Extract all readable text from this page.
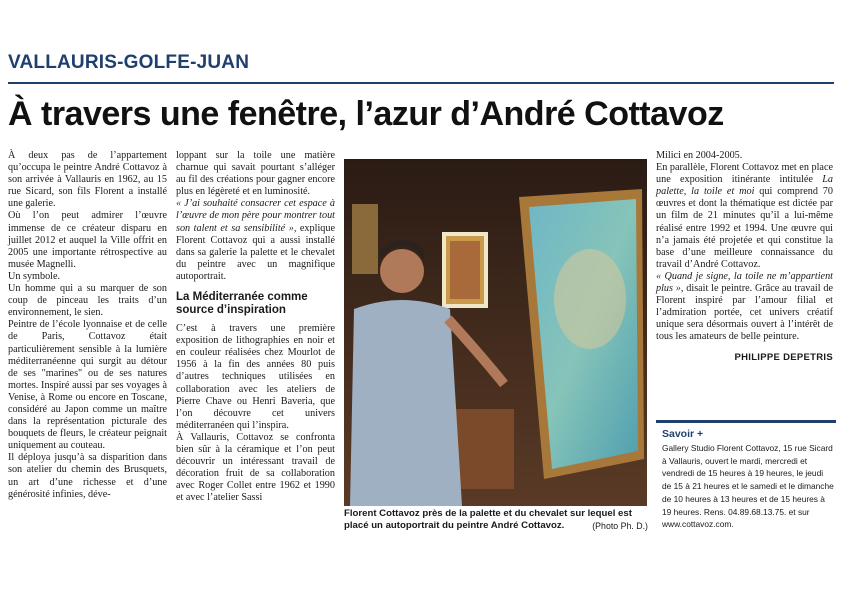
VALLAURIS-GOLFE-JUAN
À travers une fenêtre, l’azur d’André Cottavoz

À deux pas de l’appartement qu’occupa le peintre André Cottavoz à son arrivée à Vallauris en 1962, au 15 rue Sicard, son fils Florent a installé une galerie.

Où l’on peut admirer l’œuvre immense de ce créateur disparu en juillet 2012 et auquel la Ville offrit en 2005 une importante rétrospective au musée Magnelli.

Un symbole.

Un homme qui a su marquer de son coup de pinceau les traits d’un environnement, le sien.

Peintre de l’école lyonnaise et de celle de Paris, Cottavoz était particulièrement sensible à la lumière méditerranéenne qui surgit au détour de ses "marines" ou de ses natures mortes. Inspiré aussi par ses voyages à Venise, à Rome ou encore en Toscane, considéré au Japon comme un maître dans la représentation picturale des bouquets de fleurs, le créateur peignait uniquement au couteau.

Il déploya jusqu’à sa disparition dans son atelier du chemin des Brusquets, un art d’une richesse et d’une générosité infinies, déve-

loppant sur la toile une matière charnue qui savait pourtant s’alléger au fil des créations pour gagner encore plus en légèreté et en luminosité.

« J’ai souhaité consacrer cet espace à l’œuvre de mon père pour montrer tout son talent et sa sensibilité », explique Florent Cottavoz qui a aussi installé dans sa galerie la palette et le chevalet du peintre avec un magnifique autoportrait.

La Méditerranée comme source d’inspiration

C’est à travers une première exposition de lithographies en noir et en couleur réalisées chez Mourlot de 1956 à la fin des années 80 puis d’autres techniques utilisées en collaboration avec les ateliers de Pierre Chave ou Henri Baveria, que l’on découvre cet univers méditerranéen qui l’inspira.

À Vallauris, Cottavoz se confronta bien sûr à la céramique et l’on peut découvrir un intéressant travail de décoration fruit de sa collaboration avec Roger Collet entre 1962 et 1990 et avec l’atelier Sassi

Florent Cottavoz près de la palette et du chevalet sur lequel est placé un autoportrait du peintre André Cottavoz.	(Photo Ph. D.)

Milici en 2004-2005.

En parallèle, Florent Cottavoz met en place une exposition itinérante intitulée La palette, la toile et moi qui comprend 70 œuvres et dont la thématique est dictée par un film de 21 minutes qu’il a lui-même réalisé entre 1992 et 1994. Une œuvre qui n’a jamais été projetée et qui constitue la base d’une meilleure connaissance du travail d’André Cottavoz.

« Quand je signe, la toile ne m’appartient plus », disait le peintre. Grâce au travail de Florent inspiré par l’amour filial et l’admiration portée, cet univers créatif unique sera désormais ouvert à l’intérêt de tous les amateurs de belle peinture.

PHILIPPE DEPETRIS
Savoir +
Gallery Studio Florent Cottavoz, 15 rue Sicard à Vallauris, ouvert le mardi, mercredi et vendredi de 15 heures à 19 heures, le jeudi de 15 à 21 heures et le samedi et le dimanche de 10 heures à 13 heures et de 15 heures à 19 heures. Rens. 04.89.68.13.75. et sur www.cottavoz.com.
